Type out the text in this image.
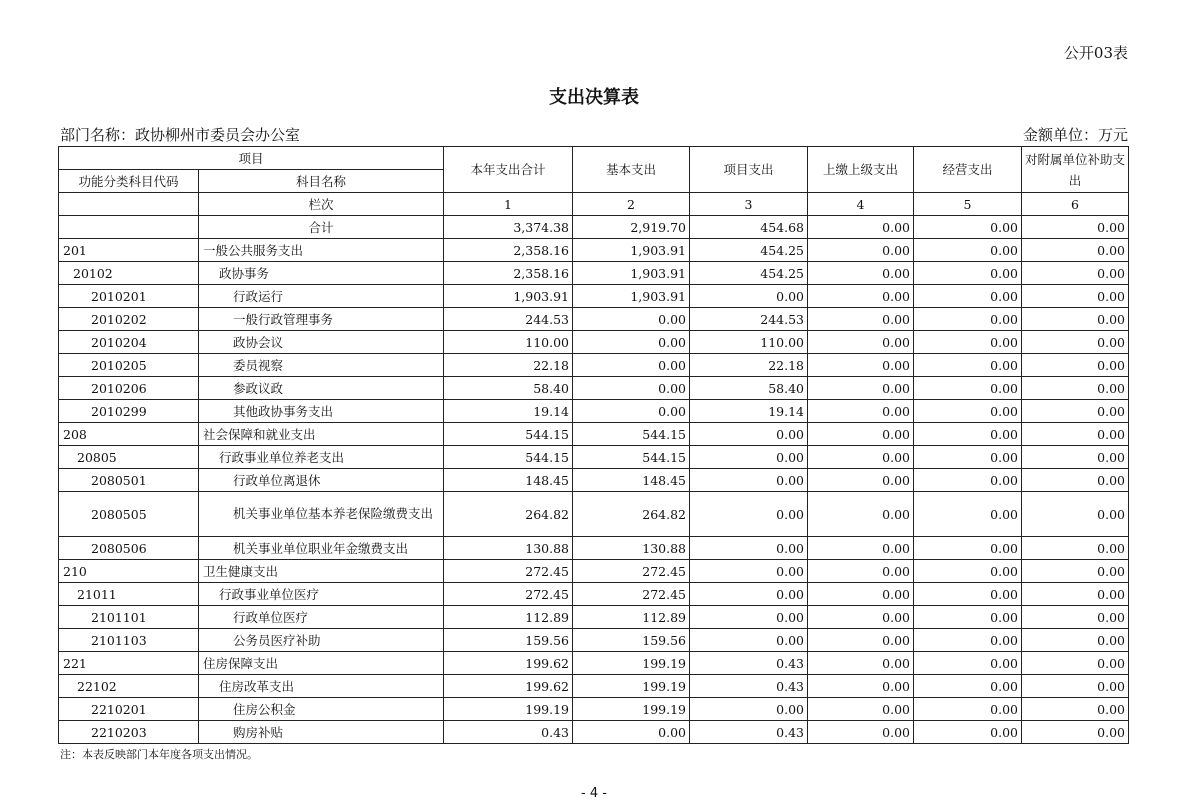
公开03表
支出决算表
部门名称：政协柳州市委员会办公室	金额单位：万元
项目		本年支出合计	基本支出	项目支出	上缴上级支出	经营支出	对附属单位补助支出
功能分类科目代码	科目名称						
	栏次	1	2	3	4	5	6
	合计	3,374.38	2,919.70	454.68	0.00	0.00	0.00
201	一般公共服务支出	2,358.16	1,903.91	454.25	0.00	0.00	0.00
20102	政协事务	2,358.16	1,903.91	454.25	0.00	0.00	0.00
2010201	行政运行	1,903.91	1,903.91	0.00	0.00	0.00	0.00
2010202	一般行政管理事务	244.53	0.00	244.53	0.00	0.00	0.00
2010204	政协会议	110.00	0.00	110.00	0.00	0.00	0.00
2010205	委员视察	22.18	0.00	22.18	0.00	0.00	0.00
2010206	参政议政	58.40	0.00	58.40	0.00	0.00	0.00
2010299	其他政协事务支出	19.14	0.00	19.14	0.00	0.00	0.00
208	社会保障和就业支出	544.15	544.15	0.00	0.00	0.00	0.00
20805	行政事业单位养老支出	544.15	544.15	0.00	0.00	0.00	0.00
2080501	行政单位离退休	148.45	148.45	0.00	0.00	0.00	0.00
2080505	机关事业单位基本养老保险缴费支出	264.82	264.82	0.00	0.00	0.00	0.00
2080506	机关事业单位职业年金缴费支出	130.88	130.88	0.00	0.00	0.00	0.00
210	卫生健康支出	272.45	272.45	0.00	0.00	0.00	0.00
21011	行政事业单位医疗	272.45	272.45	0.00	0.00	0.00	0.00
2101101	行政单位医疗	112.89	112.89	0.00	0.00	0.00	0.00
2101103	公务员医疗补助	159.56	159.56	0.00	0.00	0.00	0.00
221	住房保障支出	199.62	199.19	0.43	0.00	0.00	0.00
22102	住房改革支出	199.62	199.19	0.43	0.00	0.00	0.00
2210201	住房公积金	199.19	199.19	0.00	0.00	0.00	0.00
2210203	购房补贴	0.43	0.00	0.43	0.00	0.00	0.00
注：本表反映部门本年度各项支出情况。
- 4 -
